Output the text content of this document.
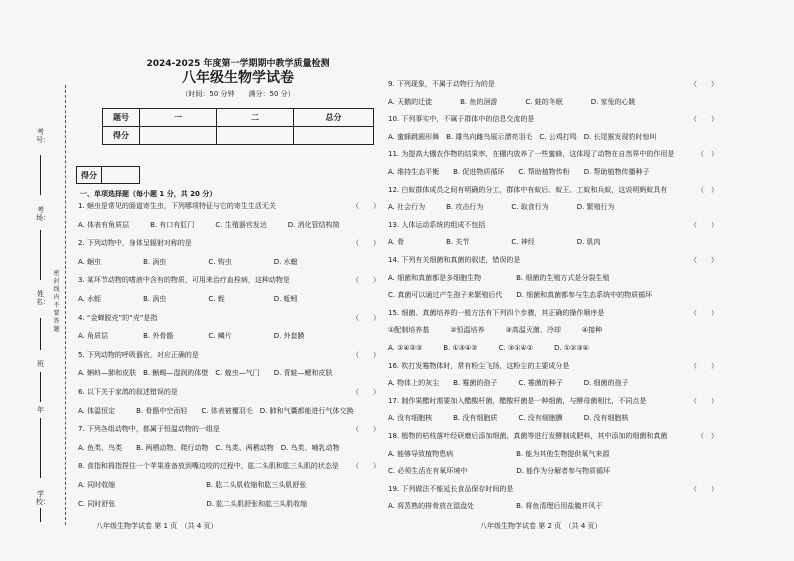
考号：
考场：
姓名：
班
年
学校：
密封线内不要答题
2024-2025 年度第一学期期中教学质量检测
八年级生物学试卷
（时间：50 分钟　　满分：50 分）
题号	一	二	总分
得分			
得分	
一、单项选择题（每小题 1 分，共 20 分）
1. 蛔虫是常见的肠道寄生虫，下列哪项特征与它的寄生生活无关	（　　）
A. 体表有角质层　　　B. 有口有肛门　　　C. 生殖器官发达　　　D. 消化管结构简
2. 下列动物中，身体呈辐射对称的是	（　　）
A. 蛔虫　　　　　　B. 涡虫　　　　　　C. 钩虫　　　　　　D. 水螅
3. 某环节动物的嗜液中含有的物质，可用来治疗血栓病，这种动物是	（　　）
A. 水蛭　　　　　　B. 涡虫　　　　　　C. 蛭　　　　　　　D. 蚯蚓
4. “金蝉脱壳”的“壳”是指	（　　）
A. 角质层　　　　　B. 外骨骼　　　　　C. 鳞片　　　　　　D. 外套膜
5. 下列动物的呼吸器官，对应正确的是	（　　）
A. 蝌蚪—肺和皮肤　B. 蜥蜴—湿润的体壁　C. 蝗虫—气门　　D. 青蛙—鳃和皮肤
6. 以下关于家鸽的叙述错误的是	（　　）
A. 体温恒定　　　B. 骨骼中空而轻　　C. 体表被覆羽毛　D. 肺和气囊都能进行气体交换
7. 下列各组动物中，都属于恒温动物的一组是	（　　）
A. 鱼类、鸟类　　B. 两栖动物、爬行动物　C. 鸟类、两栖动物　D. 鸟类、哺乳动物
8. 食指和拇指捏住一个苹果准备放到嘴边咬的过程中，肱二头肌和肱三头肌的状态是 （　　）
A. 同时收缩　　　　　　　　　　　　　B. 肱二头肌收缩和肱三头肌舒张
C. 同时舒张　　　　　　　　　　　　　D. 肱二头肌舒张和肱三头肌收缩
9. 下列现象，不属于动物行为的是	（　　）
A. 天鹅的迁徙　　　　B. 鱼的洄游　　　　C. 蛙的冬眠　　　　D. 家兔的心跳
10. 下列事实中，不属于群体中的信息交流的是	（　　）
A. 蜜蜂跳圆形舞　B. 雄鸟向雌鸟展示漂亮羽毛　C. 公鸡打鸣　D. 长尾猴发现豹时惊叫
11. 为提高大棚农作物的结果率，在棚内放养了一些蜜蜂，这体现了动物在自然界中的作用是	（　）
A. 维持生态平衡　　B. 促进物质循环　　C. 帮助植物传粉　　D. 帮助植物传播种子
12. 白蚁群体成员之间有明确的分工，群体中有蚁后、蚁王、工蚁和兵蚁，这说明蚂蚁具有	（　）
A. 社会行为　　　B. 攻击行为　　　　C. 取食行为　　　　D. 繁殖行为
13. 人体运动系统的组成不包括	（　　）
A. 骨　　　　　　B. 关节　　　　　　C. 神经　　　　　　D. 肌肉
14. 下列有关细菌和真菌的叙述，错误的是	（　　）
A. 细菌和真菌都是多细胞生物　　　　　B. 细菌的生殖方式是分裂生殖
C. 真菌可以通过产生孢子来繁殖后代　　D. 细菌和真菌都参与生态系统中的物质循环
15. 细菌、真菌培养的一般方法有下列四个步骤，其正确的操作顺序是	（　　）
①配制培养基　　　②恒温培养　　　③高温灭菌、冷却　　　④接种
A. ①④②③　　　B. ①③④②　　　C. ③①④②　　　D. ①②③④
16. 吹打发霉物体时，常有粉尘飞扬，这粉尘的主要成分是	（　　）
A. 物体上的灰尘　　B. 霉菌的孢子　　　C. 霉菌的种子　　　D. 细菌的孢子
17. 制作果醋时需要加入醋酸杆菌，醋酸杆菌是一种细菌，与酵母菌相比，不同点是	（　　）
A. 没有细胞核　　　B. 没有细胞质　　　C. 没有细胞膜　　　D. 没有细胞核
18. 植物的枯枝落叶经研磨后添加细菌、真菌等进行发酵制成肥料，其中添加的细菌和真菌	（　）
A. 能够导致植物患病　　　　　　　　　B. 能为其他生物提供氧气来源
C. 必须生活在有氧环境中　　　　　　　D. 能作为分解者参与物质循环
19. 下列做法不能延长食品保存时间的是	（　　）
A. 将蒸熟的排骨放在湿盘处　　　　　　B. 将鱼清理后用盐腌并风干
八年级生物学试卷 第 1 页　（共 4 页）	八年级生物学试卷 第 2 页　（共 4 页）
